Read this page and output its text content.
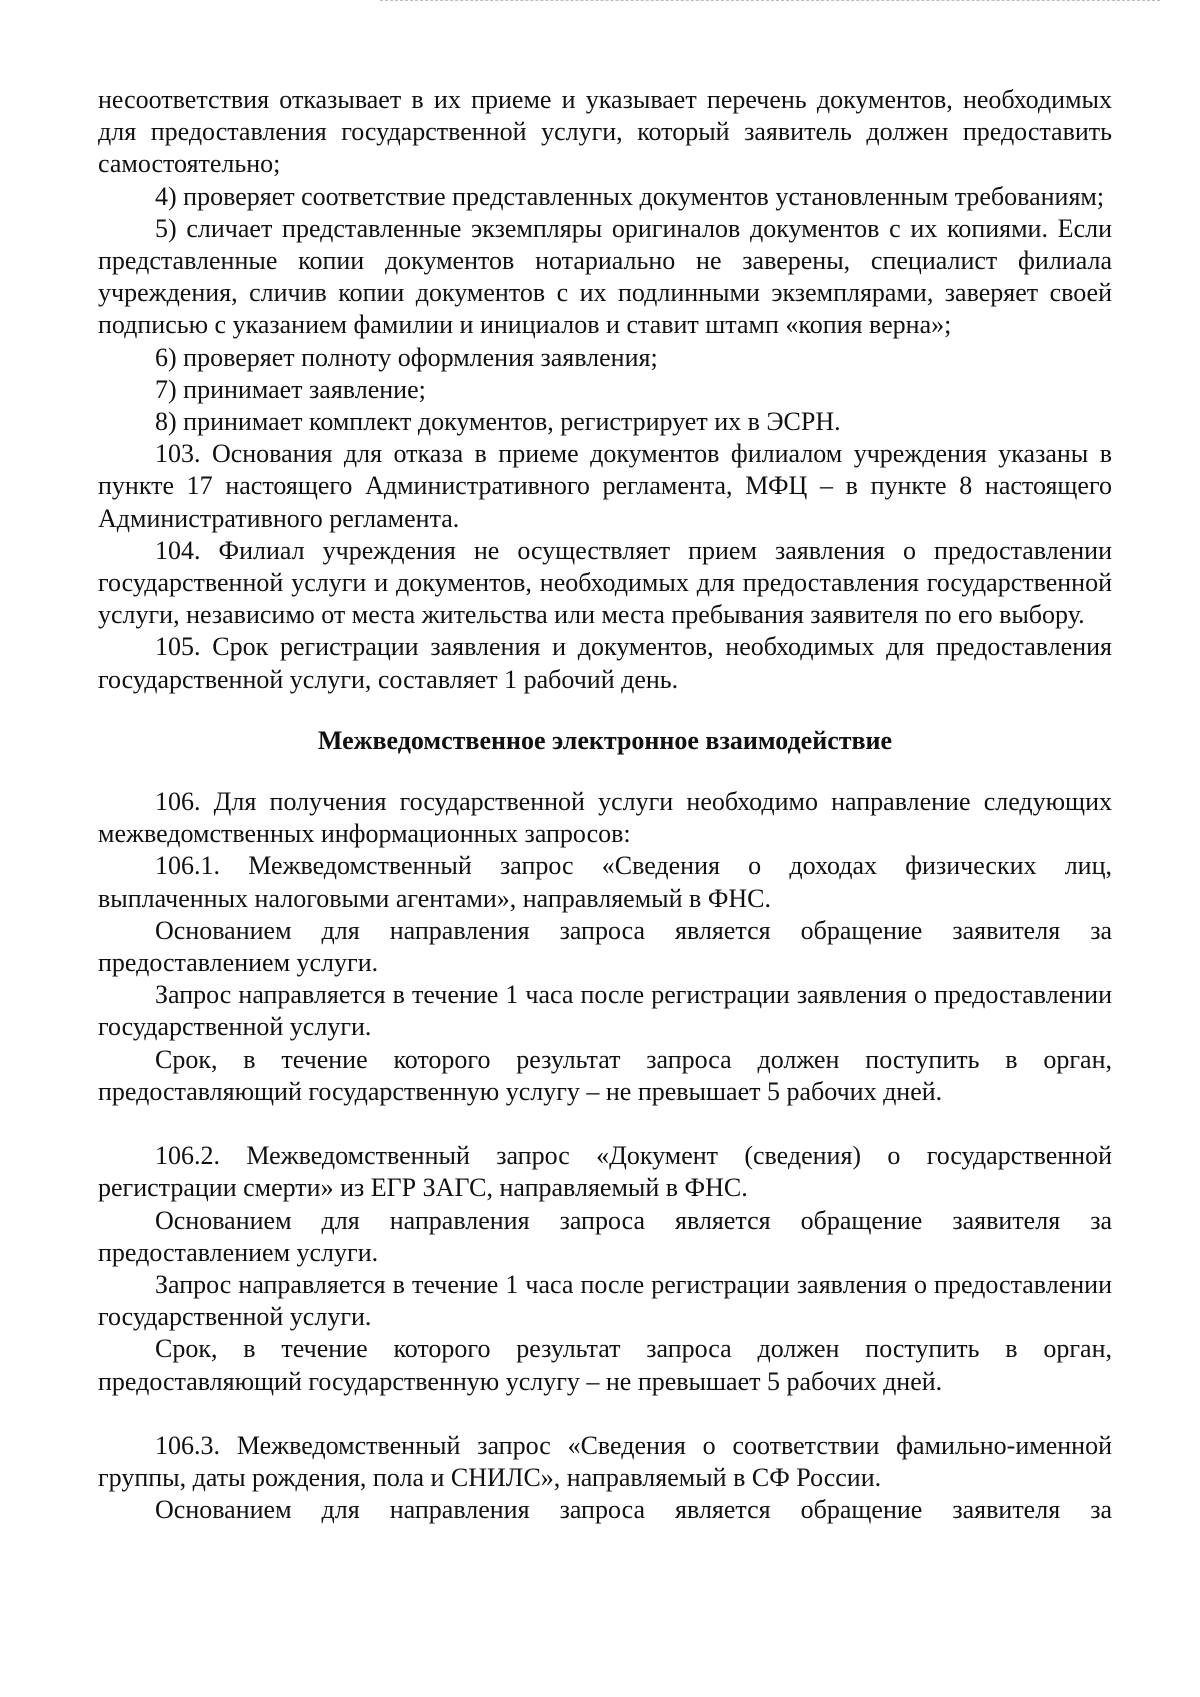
несоответствия отказывает в их приеме и указывает перечень документов, необходимых для предоставления государственной услуги, который заявитель должен предоставить самостоятельно;

4) проверяет соответствие представленных документов установленным требованиям;

5) сличает представленные экземпляры оригиналов документов с их копиями. Если представленные копии документов нотариально не заверены, специалист филиала учреждения, сличив копии документов с их подлинными экземплярами, заверяет своей подписью с указанием фамилии и инициалов и ставит штамп «копия верна»;

6) проверяет полноту оформления заявления;

7) принимает заявление;

8) принимает комплект документов, регистрирует их в ЭСРН.

103. Основания для отказа в приеме документов филиалом учреждения указаны в пункте 17 настоящего Административного регламента, МФЦ – в пункте 8 настоящего Административного регламента.

104. Филиал учреждения не осуществляет прием заявления о предоставлении государственной услуги и документов, необходимых для предоставления государственной услуги, независимо от места жительства или места пребывания заявителя по его выбору.

105. Срок регистрации заявления и документов, необходимых для предоставления государственной услуги, составляет 1 рабочий день.

Межведомственное электронное взаимодействие

106. Для получения государственной услуги необходимо направление следующих межведомственных информационных запросов:

106.1. Межведомственный запрос «Сведения о доходах физических лиц, выплаченных налоговыми агентами», направляемый в ФНС.

Основанием для направления запроса является обращение заявителя за предоставлением услуги.

Запрос направляется в течение 1 часа после регистрации заявления о предоставлении государственной услуги.

Срок, в течение которого результат запроса должен поступить в орган, предоставляющий государственную услугу – не превышает 5 рабочих дней.

106.2. Межведомственный запрос «Документ (сведения) о государственной регистрации смерти» из ЕГР ЗАГС, направляемый в ФНС.

Основанием для направления запроса является обращение заявителя за предоставлением услуги.

Запрос направляется в течение 1 часа после регистрации заявления о предоставлении государственной услуги.

Срок, в течение которого результат запроса должен поступить в орган, предоставляющий государственную услугу – не превышает 5 рабочих дней.

106.3. Межведомственный запрос «Сведения о соответствии фамильно-именной группы, даты рождения, пола и СНИЛС», направляемый в СФ России.

Основанием для направления запроса является обращение заявителя за
